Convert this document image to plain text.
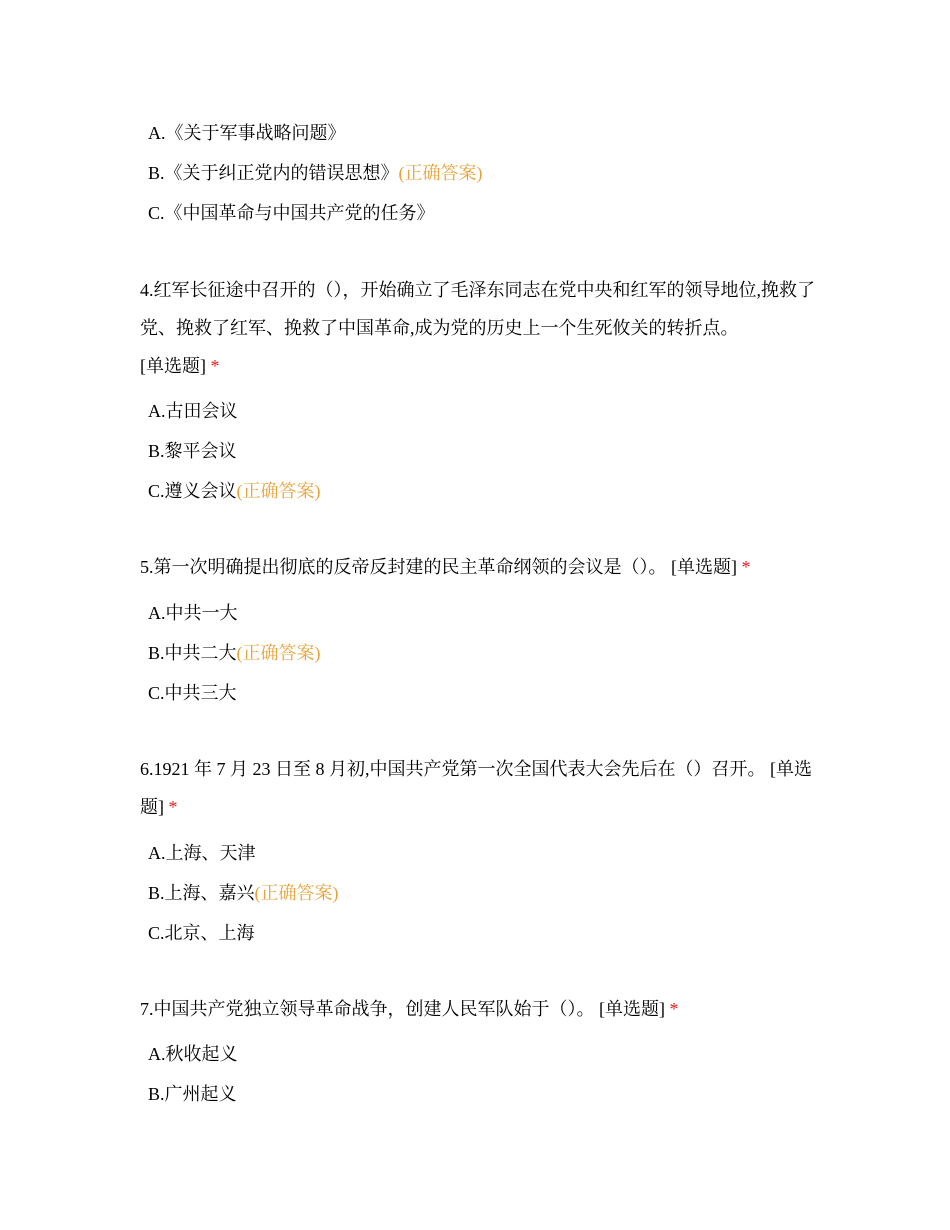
A.《关于军事战略问题》
B.《关于纠正党内的错误思想》(正确答案)
C.《中国革命与中国共产党的任务》
4.红军长征途中召开的（），开始确立了毛泽东同志在党中央和红军的领导地位,挽救了党、挽救了红军、挽救了中国革命,成为党的历史上一个生死攸关的转折点。
[单选题] *
A.古田会议
B.黎平会议
C.遵义会议(正确答案)
5.第一次明确提出彻底的反帝反封建的民主革命纲领的会议是（）。 [单选题] *
A.中共一大
B.中共二大(正确答案)
C.中共三大
6.1921 年 7 月 23 日至 8 月初,中国共产党第一次全国代表大会先后在（）召开。 [单选题] *
A.上海、天津
B.上海、嘉兴(正确答案)
C.北京、上海
7.中国共产党独立领导革命战争，创建人民军队始于（）。 [单选题] *
A.秋收起义
B.广州起义
